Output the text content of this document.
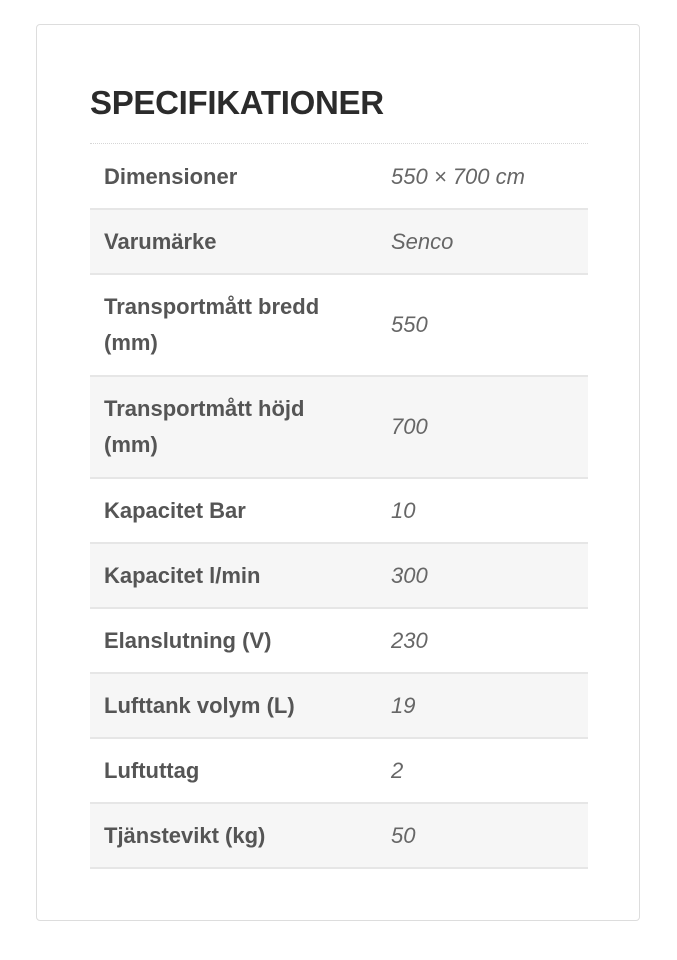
SPECIFIKATIONER
Dimensioner	550 × 700 cm
Varumärke	Senco
Transportmått bredd (mm)	550
Transportmått höjd (mm)	700
Kapacitet Bar	10
Kapacitet l/min	300
Elanslutning (V)	230
Lufttank volym (L)	19
Luftuttag	2
Tjänstevikt (kg)	50
